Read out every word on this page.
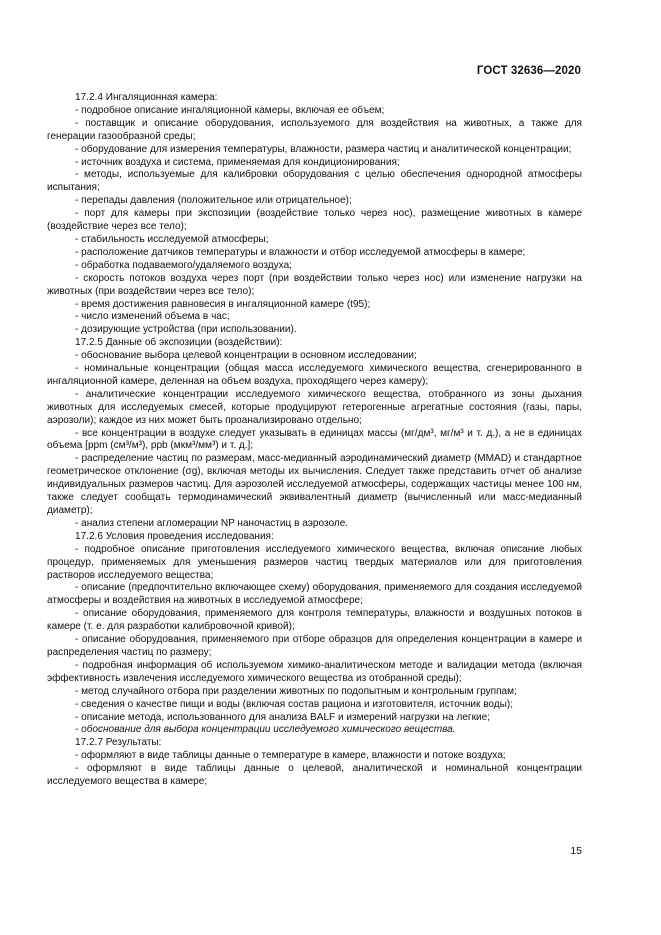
ГОСТ 32636—2020

17.2.4 Ингаляционная камера:

- подробное описание ингаляционной камеры, включая ее объем;

- поставщик и описание оборудования, используемого для воздействия на животных, а также для генерации газообразной среды;

- оборудование для измерения температуры, влажности, размера частиц и аналитической концентрации;

- источник воздуха и система, применяемая для кондиционирования;

- методы, используемые для калибровки оборудования с целью обеспечения однородной атмосферы испытания;

- перепады давления (положительное или отрицательное);

- порт для камеры при экспозиции (воздействие только через нос), размещение животных в камере (воздействие через все тело);

- стабильность исследуемой атмосферы;

- расположение датчиков температуры и влажности и отбор исследуемой атмосферы в камере;

- обработка подаваемого/удаляемого воздуха;

- скорость потоков воздуха через порт (при воздействии только через нос) или изменение нагрузки на животных (при воздействии через все тело);

- время достижения равновесия в ингаляционной камере (t95);

- число изменений объема в час;

- дозирующие устройства (при использовании).

17.2.5 Данные об экспозиции (воздействии):

- обоснование выбора целевой концентрации в основном исследовании;

- номинальные концентрации (общая масса исследуемого химического вещества, сгенерированного в ингаляционной камере, деленная на объем воздуха, проходящего через камеру);

- аналитические концентрации исследуемого химического вещества, отобранного из зоны дыхания животных для исследуемых смесей, которые продуцируют гетерогенные агрегатные состояния (газы, пары, аэрозоли); каждое из них может быть проанализировано отдельно;

- все концентрации в воздухе следует указывать в единицах массы (мг/дм³, мг/м³ и т. д.), а не в единицах объема [ppm (см³/м³), ppb (мкм³/мм³) и т. д.];

- распределение частиц по размерам, масс-медианный аэродинамический диаметр (MMAD) и стандартное геометрическое отклонение (σg), включая методы их вычисления. Следует также представить отчет об анализе индивидуальных размеров частиц. Для аэрозолей исследуемой атмосферы, содержащих частицы менее 100 нм, также следует сообщать термодинамический эквивалентный диаметр (вычисленный или масс-медианный диаметр);

- анализ степени агломерации NP наночастиц в аэрозоле.

17.2.6 Условия проведения исследования:

- подробное описание приготовления исследуемого химического вещества, включая описание любых процедур, применяемых для уменьшения размеров частиц твердых материалов или для приготовления растворов исследуемого вещества;

- описание (предпочтительно включающее схему) оборудования, применяемого для создания исследуемой атмосферы и воздействия на животных в исследуемой атмосфере;

- описание оборудования, применяемого для контроля температуры, влажности и воздушных потоков в камере (т. е. для разработки калибровочной кривой);

- описание оборудования, применяемого при отборе образцов для определения концентрации в камере и распределения частиц по размеру;

- подробная информация об используемом химико-аналитическом методе и валидации метода (включая эффективность извлечения исследуемого химического вещества из отобранной среды);

- метод случайного отбора при разделении животных по подопытным и контрольным группам;

- сведения о качестве пищи и воды (включая состав рациона и изготовителя, источник воды);

- описание метода, использованного для анализа BALF и измерений нагрузки на легкие;

- обоснование для выбора концентрации исследуемого химического вещества.

17.2.7 Результаты:

- оформляют в виде таблицы данные о температуре в камере, влажности и потоке воздуха;

- оформляют в виде таблицы данные о целевой, аналитической и номинальной концентрации исследуемого вещества в камере;

15
